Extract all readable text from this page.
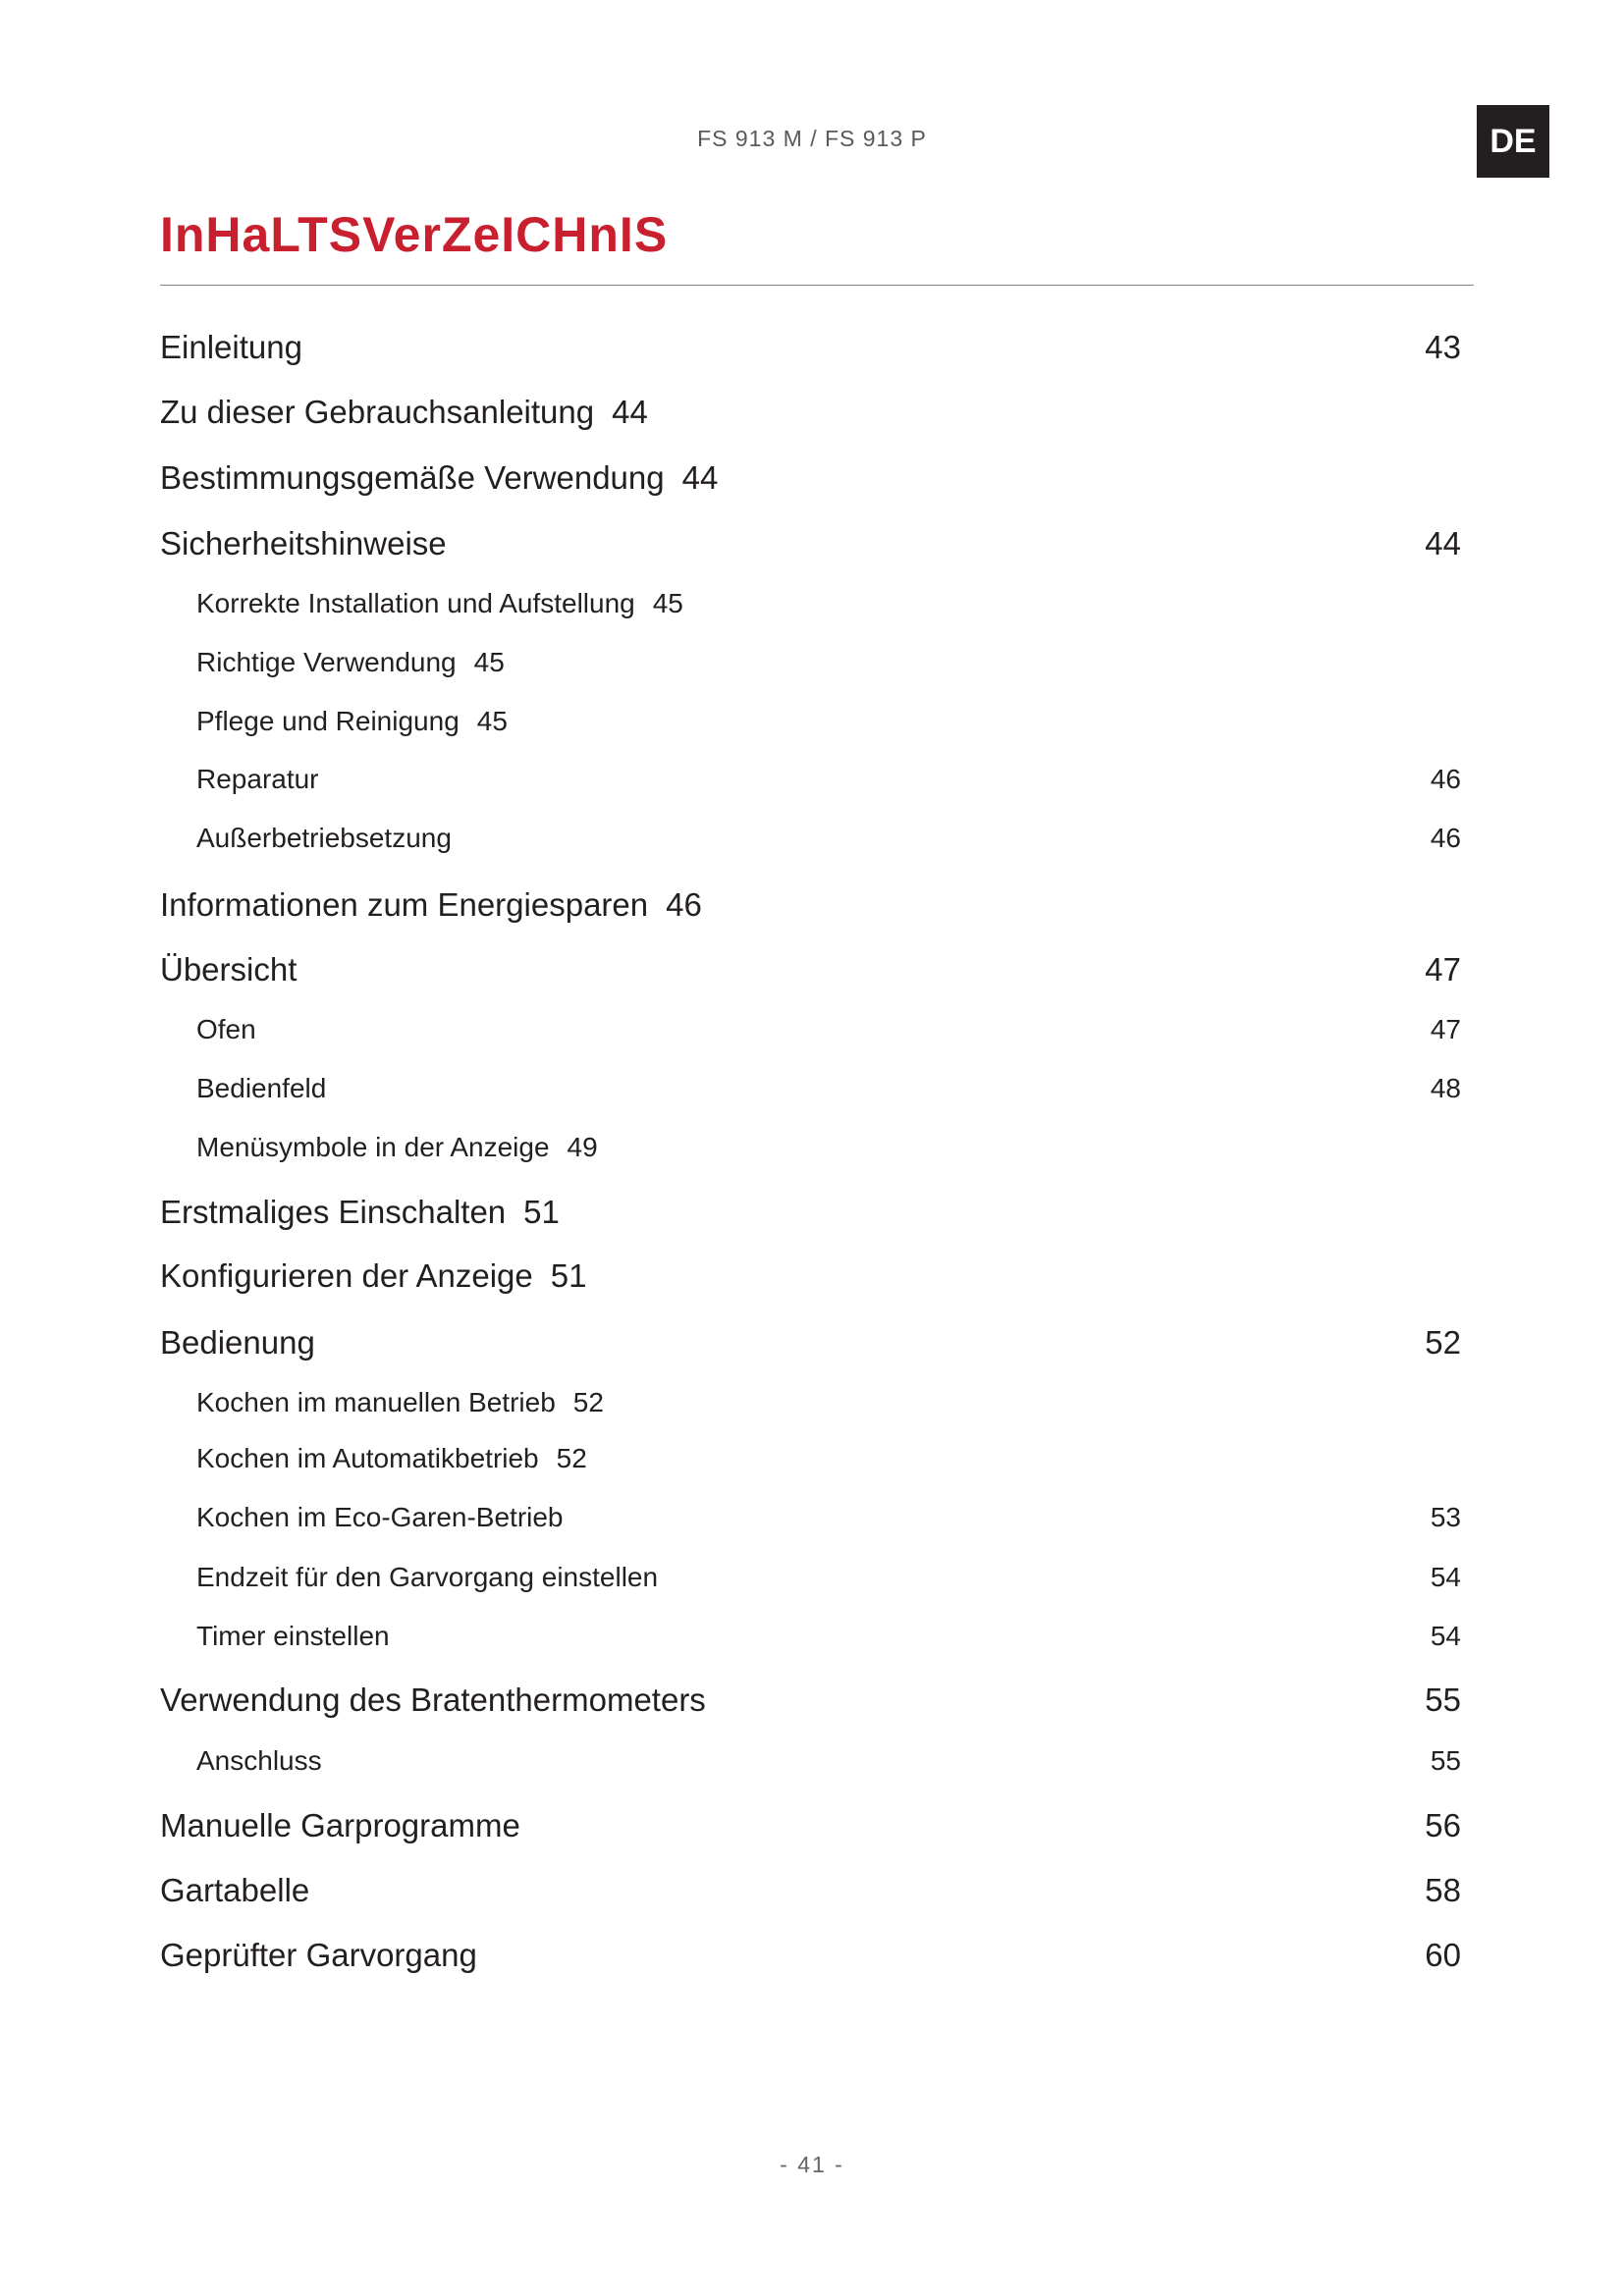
FS 913 M / FS 913 P	DE
InHaLTSVerZeICHnIS
Einleitung	43
Zu dieser Gebrauchsanleitung 44
Bestimmungsgemäße Verwendung 44
Sicherheitshinweise	44
Korrekte Installation und Aufstellung 45
Richtige Verwendung 45
Pflege und Reinigung 45
Reparatur	46
Außerbetriebsetzung	46
Informationen zum Energiesparen 46
Übersicht	47
Ofen	47
Bedienfeld	48
Menüsymbole in der Anzeige 49
Erstmaliges Einschalten 51
Konfigurieren der Anzeige 51
Bedienung	52
Kochen im manuellen Betrieb 52
Kochen im Automatikbetrieb 52
Kochen im Eco-Garen-Betrieb	53
Endzeit für den Garvorgang einstellen	54
Timer einstellen	54
Verwendung des Bratenthermometers	55
Anschluss	55
Manuelle Garprogramme	56
Gartabelle	58
Geprüfter Garvorgang	60
- 41 -
